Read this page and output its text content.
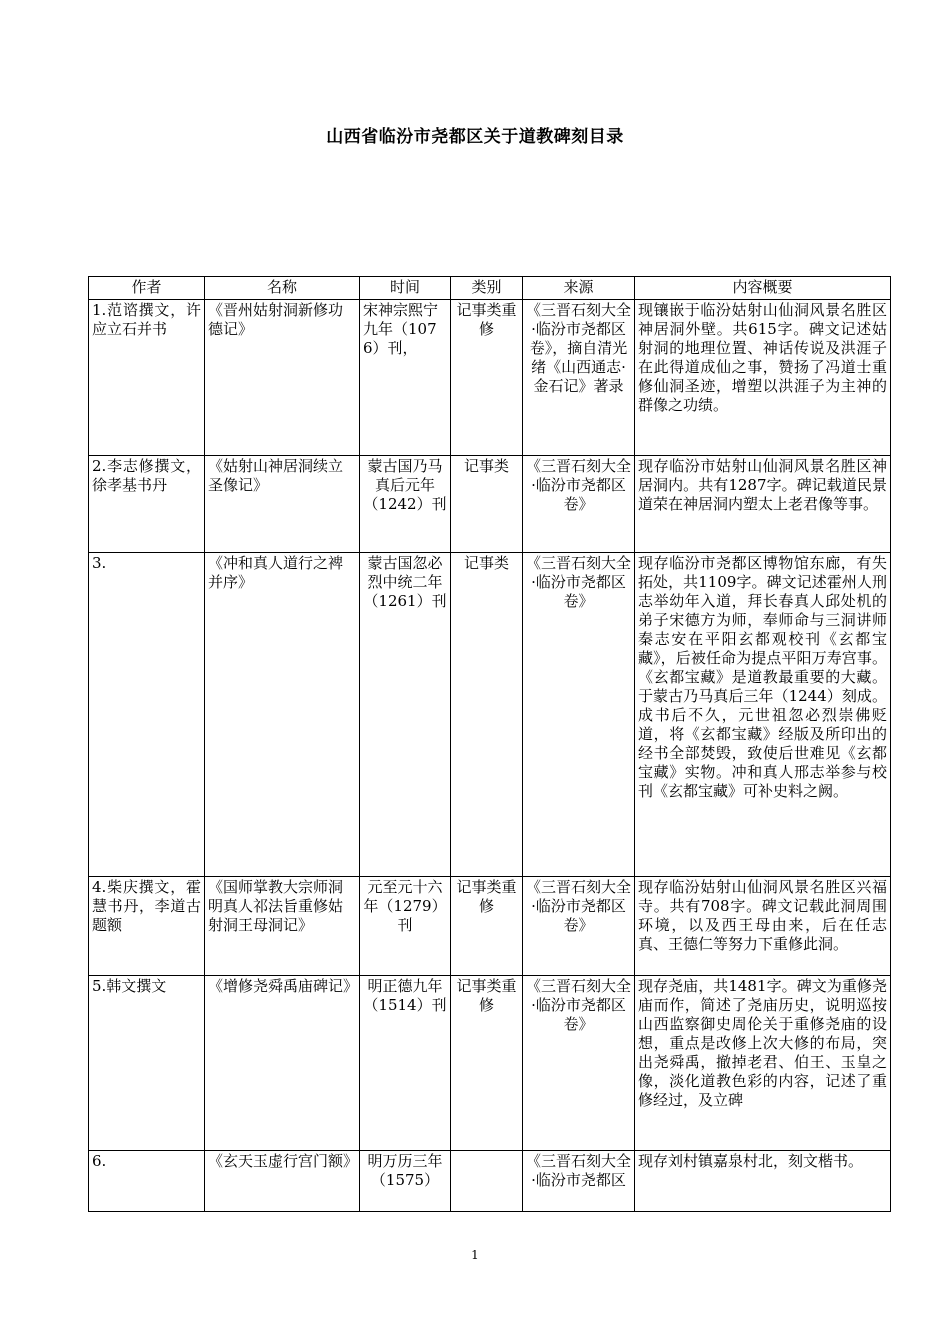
山西省临汾市尧都区关于道教碑刻目录
作者	名称	时间	类别	来源	内容概要
1.范谘撰文，许应立石并书	《晋州姑射洞新修功德记》	宋神宗熙宁九年（1076）刊，	记事类重修	《三晋石刻大全·临汾市尧都区卷》，摘自清光绪《山西通志·金石记》著录	现镶嵌于临汾姑射山仙洞风景名胜区神居洞外壁。共615字。碑文记述姑射洞的地理位置、神话传说及洪涯子在此得道成仙之事，赞扬了冯道士重修仙洞圣迹，增塑以洪涯子为主神的群像之功绩。
2.李志修撰文，徐孝基书丹	《姑射山神居洞续立圣像记》	蒙古国乃马真后元年（1242）刊	记事类	《三晋石刻大全·临汾市尧都区卷》	现存临汾市姑射山仙洞风景名胜区神居洞内。共有1287字。碑记载道民景道荣在神居洞内塑太上老君像等事。
3.	《冲和真人道行之裨并序》	蒙古国忽必烈中统二年（1261）刊	记事类	《三晋石刻大全·临汾市尧都区卷》	现存临汾市尧都区博物馆东廊，有失拓处，共1109字。碑文记述霍州人刑志举幼年入道，拜长春真人邱处机的弟子宋德方为师，奉师命与三洞讲师秦志安在平阳玄都观校刊《玄都宝藏》，后被任命为提点平阳万寿宫事。《玄都宝藏》是道教最重要的大藏。于蒙古乃马真后三年（1244）刻成。成书后不久，元世祖忽必烈崇佛贬道，将《玄都宝藏》经版及所印出的经书全部焚毁，致使后世难见《玄都宝藏》实物。冲和真人邢志举参与校刊《玄都宝藏》可补史料之阙。
4.柴庆撰文，霍慧书丹，李道古题额	《国师掌教大宗师洞明真人祁法旨重修姑射洞王母洞记》	元至元十六年（1279）刊	记事类重修	《三晋石刻大全·临汾市尧都区卷》	现存临汾姑射山仙洞风景名胜区兴福寺。共有708字。碑文记载此洞周围环境，以及西王母由来，后在任志真、王德仁等努力下重修此洞。
5.韩文撰文	《增修尧舜禹庙碑记》	明正德九年（1514）刊	记事类重修	《三晋石刻大全·临汾市尧都区卷》	现存尧庙，共1481字。碑文为重修尧庙而作，简述了尧庙历史，说明巡按山西监察御史周伦关于重修尧庙的设想，重点是改修上次大修的布局，突出尧舜禹，撤掉老君、伯王、玉皇之像，淡化道教色彩的内容，记述了重修经过，及立碑
6.	《玄天玉虚行宫门额》	明万历三年（1575）		《三晋石刻大全·临汾市尧都区	现存刘村镇嘉泉村北，刻文楷书。
1
